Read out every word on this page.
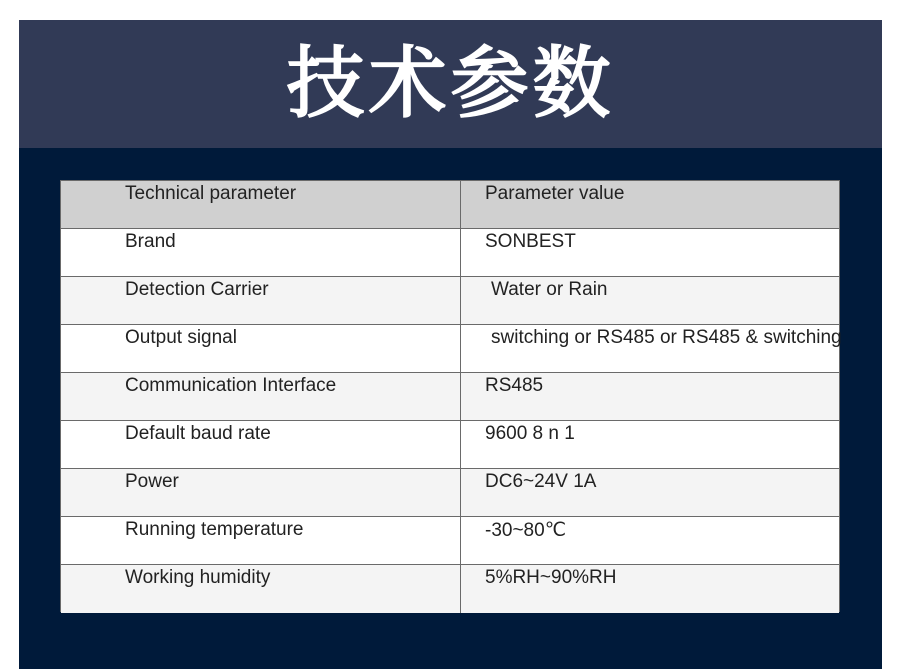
技术参数
Technical parameter	Parameter value
Brand	SONBEST
Detection Carrier	Water or Rain
Output signal	switching or RS485 or RS485 & switching
Communication Interface	RS485
Default baud rate	9600 8 n 1
Power	DC6~24V 1A
Running temperature	-30~80℃
Working humidity	5%RH~90%RH
